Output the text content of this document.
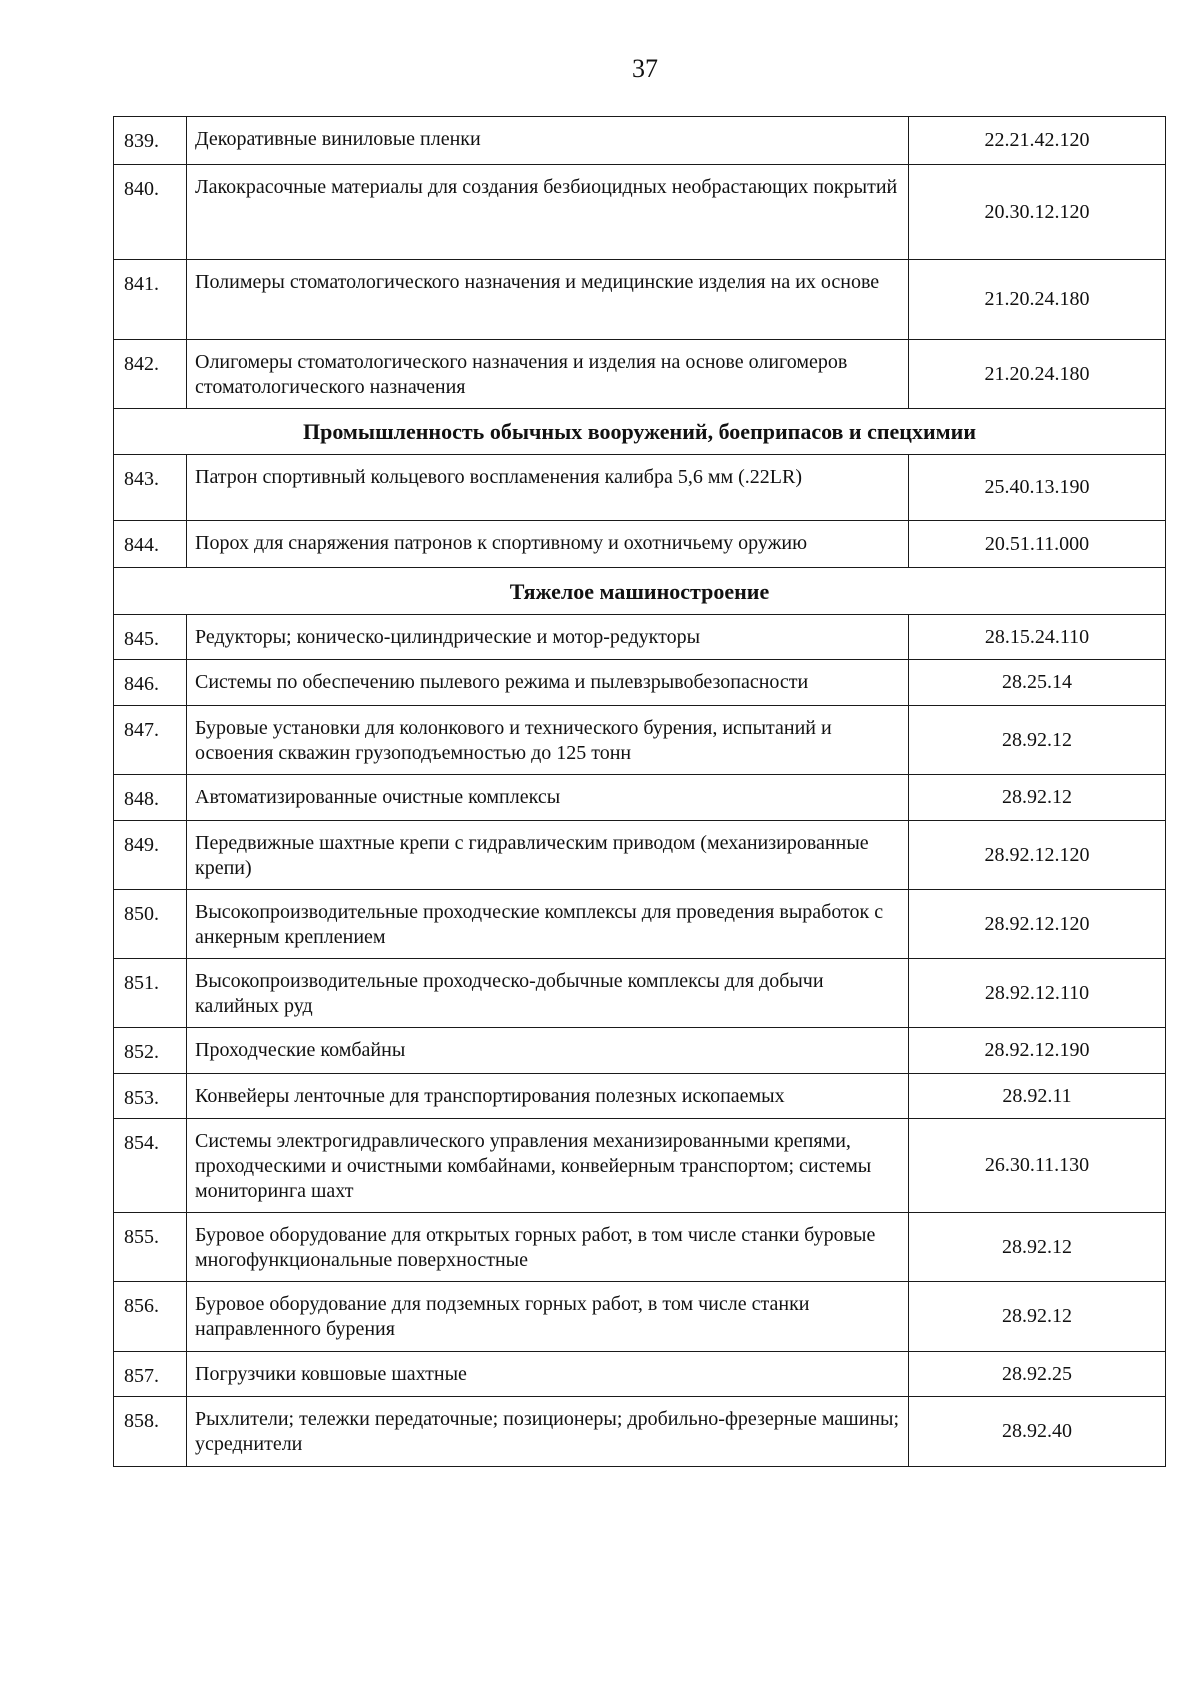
37
839.	Декоративные виниловые пленки	22.21.42.120
840.	Лакокрасочные материалы для создания безбиоцидных необрастающих покрытий	20.30.12.120
841.	Полимеры стоматологического назначения и медицинские изделия на их основе	21.20.24.180
842.	Олигомеры стоматологического назначения и изделия на основе олигомеров стоматологического назначения	21.20.24.180
Промышленность обычных вооружений, боеприпасов и спецхимии		
843.	Патрон спортивный кольцевого воспламенения калибра 5,6 мм (.22LR)	25.40.13.190
844.	Порох для снаряжения патронов к спортивному и охотничьему оружию	20.51.11.000
Тяжелое машиностроение		
845.	Редукторы; коническо-цилиндрические и мотор-редукторы	28.15.24.110
846.	Системы по обеспечению пылевого режима и пылевзрывобезопасности	28.25.14
847.	Буровые установки для колонкового и технического бурения, испытаний и освоения скважин грузоподъемностью до 125 тонн	28.92.12
848.	Автоматизированные очистные комплексы	28.92.12
849.	Передвижные шахтные крепи с гидравлическим приводом (механизированные крепи)	28.92.12.120
850.	Высокопроизводительные проходческие комплексы для проведения выработок с анкерным креплением	28.92.12.120
851.	Высокопроизводительные проходческо-добычные комплексы для добычи калийных руд	28.92.12.110
852.	Проходческие комбайны	28.92.12.190
853.	Конвейеры ленточные для транспортирования полезных ископаемых	28.92.11
854.	Системы электрогидравлического управления механизированными крепями, проходческими и очистными комбайнами, конвейерным транспортом; системы мониторинга шахт	26.30.11.130
855.	Буровое оборудование для открытых горных работ, в том числе станки буровые многофункциональные поверхностные	28.92.12
856.	Буровое оборудование для подземных горных работ, в том числе станки направленного бурения	28.92.12
857.	Погрузчики ковшовые шахтные	28.92.25
858.	Рыхлители; тележки передаточные; позиционеры; дробильно-фрезерные машины; усреднители	28.92.40
